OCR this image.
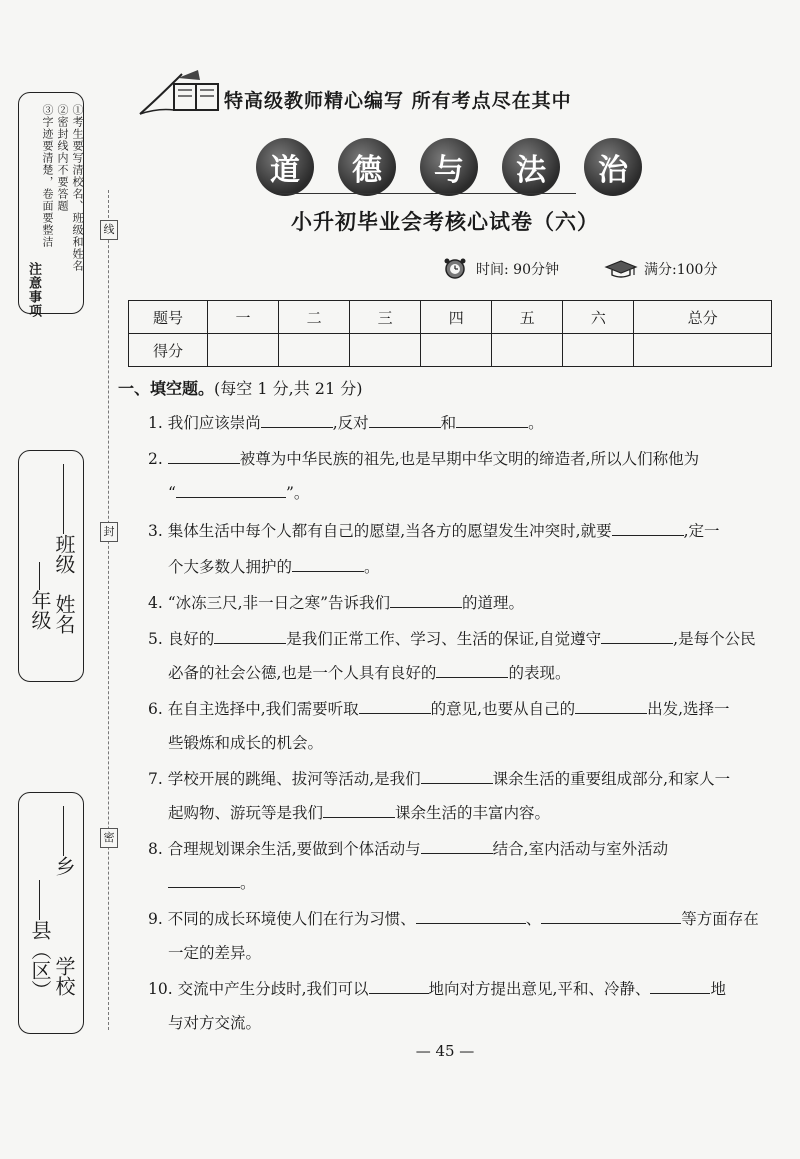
注意事项
①考生要写清校名、班级和姓名
②密封线内不要答题
③字迹要清楚，卷面要整洁
班级
年级 姓名
乡
县（区） 学校
线
封
密
特高级教师精心编写 所有考点尽在其中
道	德	与	法	治
小升初毕业会考核心试卷（六）
时间: 90分钟	满分:100分
题号	一	二	三	四	五	六	总分
得分							
一、填空题。(每空 1 分,共 21 分)
1. 我们应该崇尚	,反对	和	。
2.	被尊为中华民族的祖先,也是早期中华文明的缔造者,所以人们称他为
“	”。
3. 集体生活中每个人都有自己的愿望,当各方的愿望发生冲突时,就要	,定一
个大多数人拥护的	。
4. “冰冻三尺,非一日之寒”告诉我们	的道理。
5. 良好的	是我们正常工作、学习、生活的保证,自觉遵守	,是每个公民
必备的社会公德,也是一个人具有良好的	的表现。
6. 在自主选择中,我们需要听取	的意见,也要从自己的	出发,选择一
些锻炼和成长的机会。
7. 学校开展的跳绳、拔河等活动,是我们	课余生活的重要组成部分,和家人一
起购物、游玩等是我们	课余生活的丰富内容。
8. 合理规划课余生活,要做到个体活动与	结合,室内活动与室外活动
。
9. 不同的成长环境使人们在行为习惯、	、	等方面存在
一定的差异。
10. 交流中产生分歧时,我们可以	地向对方提出意见,平和、冷静、	地
与对方交流。
— 45 —
